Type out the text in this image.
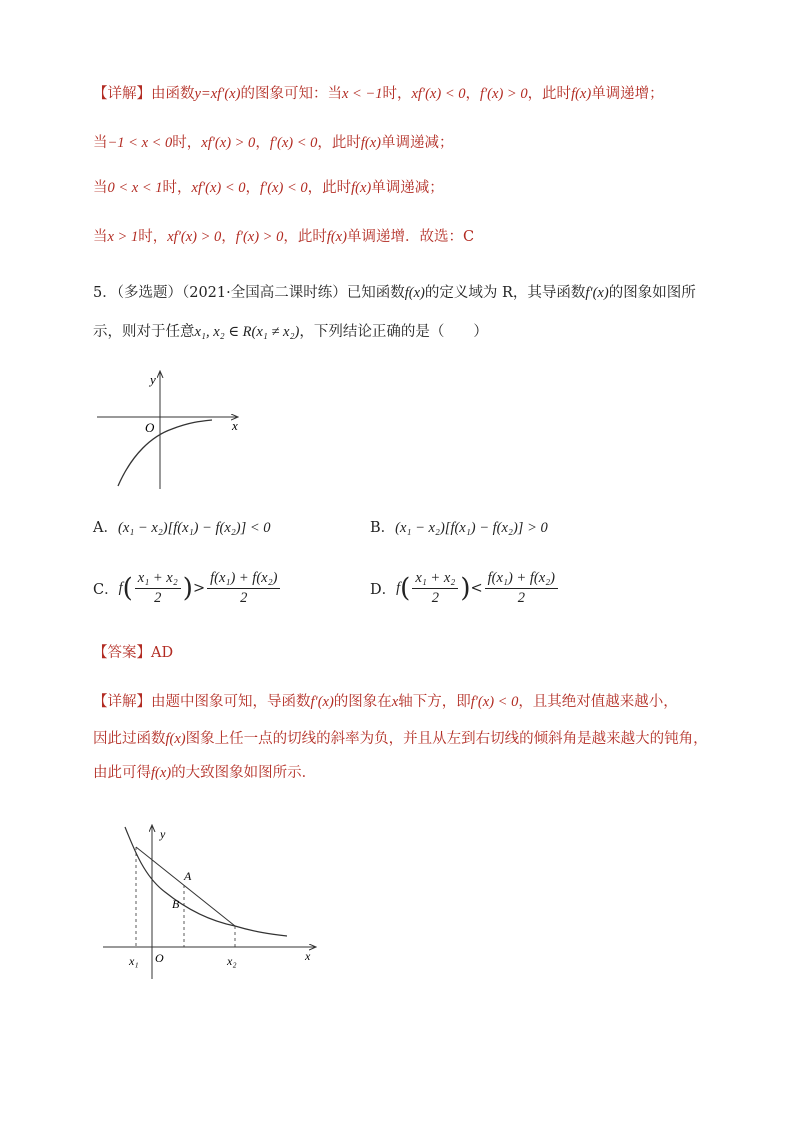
【详解】由函数y=xf′(x)的图象可知：当x < −1时，xf′(x) < 0，f′(x) > 0，此时f(x)单调递增；
当−1 < x < 0时，xf′(x) > 0，f′(x) < 0，此时f(x)单调递减；
当0 < x < 1时，xf′(x) < 0，f′(x) < 0，此时f(x)单调递减；
当x > 1时，xf′(x) > 0，f′(x) > 0，此时f(x)单调递增．故选：C
5．（多选题）（2021·全国高二课时练）已知函数f(x)的定义域为 R，其导函数f′(x)的图象如图所
示，则对于任意x₁, x₂ ∈ R(x₁ ≠ x₂)，下列结论正确的是（　　）
y
x
O
A．(x₁ − x₂)[f(x₁) − f(x₂)] < 0	B．(x₁ − x₂)[f(x₁) − f(x₂)] > 0
C．$f( \frac{\text{x₁ + x₂}}{2}$ )> $\frac{\text{f(x₁) + f(x₂)}}{2}$	D．$f( \frac{\text{x₁ + x₂}}{2}$ )< $\frac{\text{f(x₁) + f(x₂)}}{2}$
【答案】AD
【详解】由题中图象可知，导函数f′(x)的图象在x轴下方，即f′(x) < 0，且其绝对值越来越小，
因此过函数f(x)图象上任一点的切线的斜率为负，并且从左到右切线的倾斜角是越来越大的钝角，
由此可得f(x)的大致图象如图所示．
y
x
O
x₁	x₂
A
B
